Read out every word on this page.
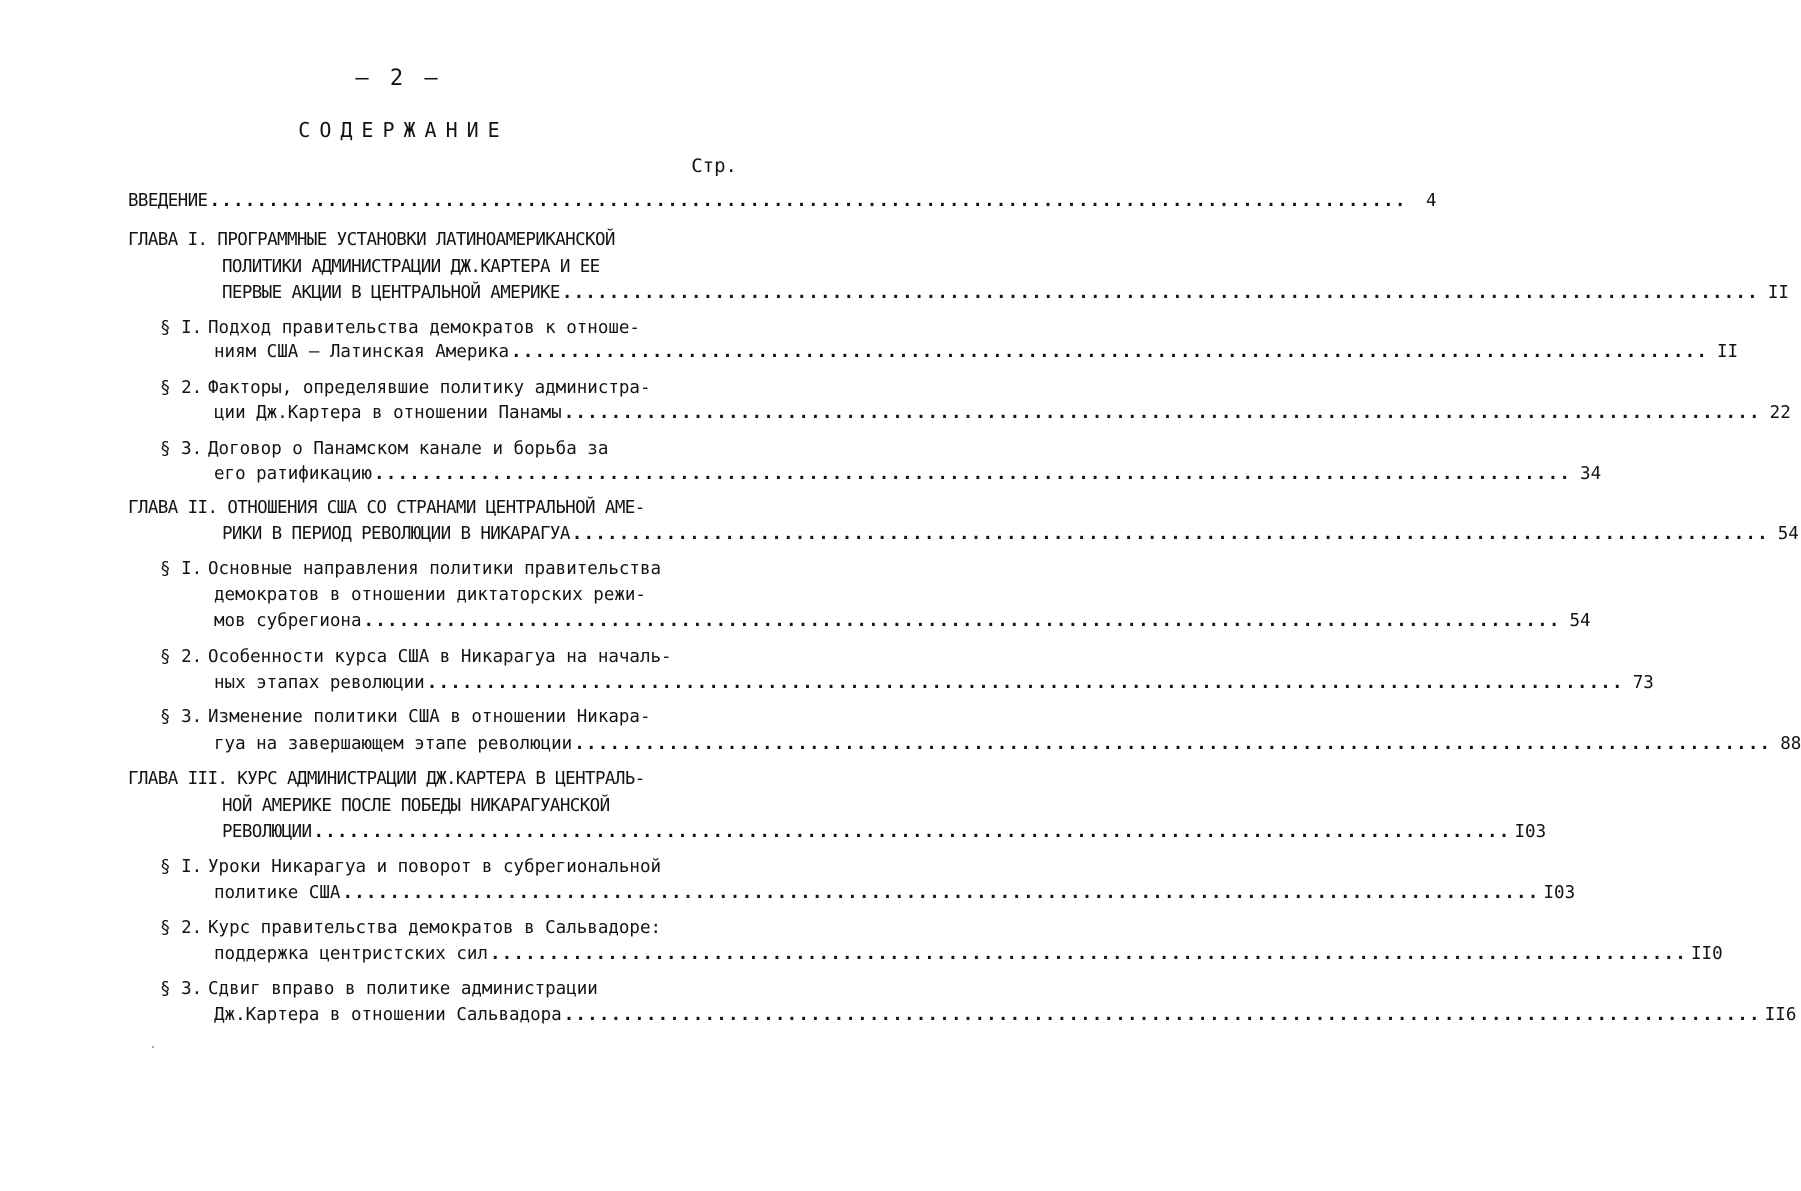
– 2 –
СОДЕРЖАНИЕ
Стр.
ВВЕДЕНИЕ ......................................................................................................	4
ГЛАВА I. ПРОГРАММНЫЕ УСТАНОВКИ ЛАТИНОАМЕРИКАНСКОЙ
ПОЛИТИКИ АДМИНИСТРАЦИИ ДЖ.КАРТЕРА И ЕЕ
ПЕРВЫЕ АКЦИИ В ЦЕНТРАЛЬНОЙ АМЕРИКЕ ...................................................................................................... II
§ I. Подход правительства демократов к отноше-
ниям США – Латинская Америка ...................................................................................................... II
§ 2. Факторы, определявшие политику администра-
ции Дж.Картера в отношении Панамы ...................................................................................................... 22
§ 3. Договор о Панамском канале и борьба за
его ратификацию ...................................................................................................... 34
ГЛАВА II. ОТНОШЕНИЯ США СО СТРАНАМИ ЦЕНТРАЛЬНОЙ АМЕ-
РИКИ В ПЕРИОД РЕВОЛЮЦИИ В НИКАРАГУА ...................................................................................................... 54
§ I. Основные направления политики правительства
демократов в отношении диктаторских режи-
мов субрегиона ...................................................................................................... 54
§ 2. Особенности курса США в Никарагуа на началь-
ных этапах революции ...................................................................................................... 73
§ 3. Изменение политики США в отношении Никара-
гуа на завершающем этапе революции ...................................................................................................... 88
ГЛАВА III. КУРС АДМИНИСТРАЦИИ ДЖ.КАРТЕРА В ЦЕНТРАЛЬ-
НОЙ АМЕРИКЕ ПОСЛЕ ПОБЕДЫ НИКАРАГУАНСКОЙ
РЕВОЛЮЦИИ ...................................................................................................... I03
§ I. Уроки Никарагуа и поворот в субрегиональной
политике США ...................................................................................................... I03
§ 2. Курс правительства демократов в Сальвадоре:
поддержка центристских сил ...................................................................................................... II0
§ 3. Сдвиг вправо в политике администрации
Дж.Картера в отношении Сальвадора ...................................................................................................... II6
